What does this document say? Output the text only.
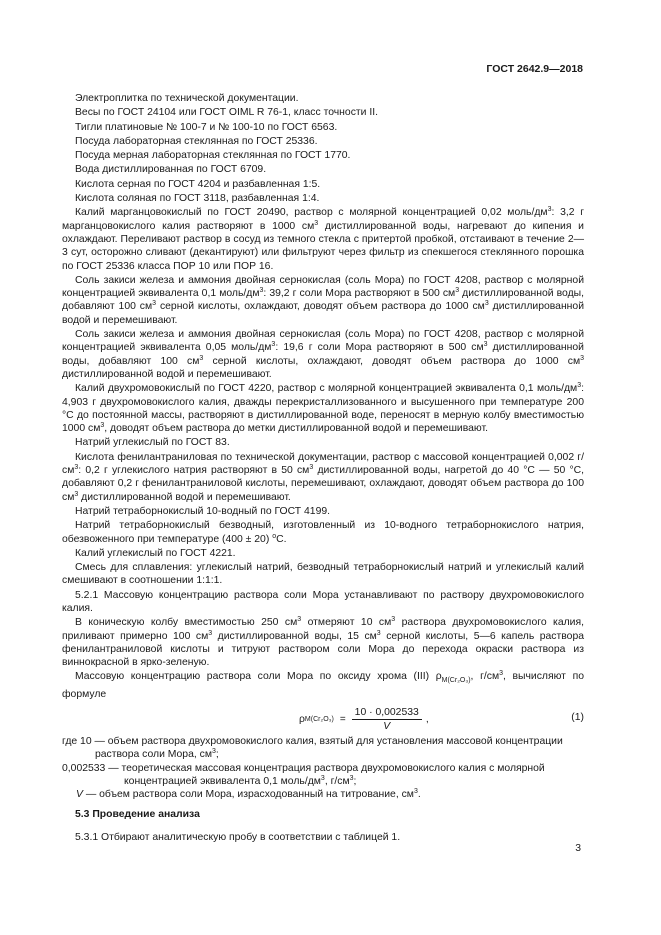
ГОСТ 2642.9—2018

Электроплитка по технической документации.

Весы по ГОСТ 24104 или ГОСТ OIML R 76-1, класс точности II.

Тигли платиновые № 100-7 и № 100-10 по ГОСТ 6563.

Посуда лабораторная стеклянная по ГОСТ 25336.

Посуда мерная лабораторная стеклянная по ГОСТ 1770.

Вода дистиллированная по ГОСТ 6709.

Кислота серная по ГОСТ 4204 и разбавленная 1:5.

Кислота соляная по ГОСТ 3118, разбавленная 1:4.

Калий марганцовокислый по ГОСТ 20490, раствор с молярной концентрацией 0,02 моль/$дм^3$: 3,2 г марганцовокислого калия растворяют в 1000 $см^3$ дистиллированной воды, нагревают до кипения и охлаждают. Переливают раствор в сосуд из темного стекла с притертой пробкой, отстаивают в течение 2—3 сут, осторожно сливают (декантируют) или фильтруют через фильтр из спекшегося стеклянного порошка по ГОСТ 25336 класса ПОР 10 или ПОР 16.

Соль закиси железа и аммония двойная сернокислая (соль Мора) по ГОСТ 4208, раствор с молярной концентрацией эквивалента 0,1 моль/$дм^3$: 39,2 г соли Мора растворяют в 500 $см^3$ дистиллированной воды, добавляют 100 $см^3$ серной кислоты, охлаждают, доводят объем раствора до 1000 $см^3$ дистиллированной водой и перемешивают.

Соль закиси железа и аммония двойная сернокислая (соль Мора) по ГОСТ 4208, раствор с молярной концентрацией эквивалента 0,05 моль/$дм^3$: 19,6 г соли Мора растворяют в 500 $см^3$ дистиллированной воды, добавляют 100 $см^3$ серной кислоты, охлаждают, доводят объем раствора до 1000 $см^3$ дистиллированной водой и перемешивают.

Калий двухромовокислый по ГОСТ 4220, раствор с молярной концентрацией эквивалента 0,1 моль/$дм^3$: 4,903 г двухромовокислого калия, дважды перекристаллизованного и высушенного при температуре 200 °С до постоянной массы, растворяют в дистиллированной воде, переносят в мерную колбу вместимостью 1000 $см^3$, доводят объем раствора до метки дистиллированной водой и перемешивают.

Натрий углекислый по ГОСТ 83.

Кислота фенилантраниловая по технической документации, раствор с массовой концентрацией 0,002 $г/см^3$: 0,2 г углекислого натрия растворяют в 50 $см^3$ дистиллированной воды, нагретой до 40 °С — 50 °С, добавляют 0,2 г фенилантраниловой кислоты, перемешивают, охлаждают, доводят объем раствора до 100 $см^3$ дистиллированной водой и перемешивают.

Натрий тетраборнокислый 10-водный по ГОСТ 4199.

Натрий тетраборнокислый безводный, изготовленный из 10-водного тетраборнокислого натрия, обезвоженного при температуре (400 ± 20) $^о$С.

Калий углекислый по ГОСТ 4221.

Смесь для сплавления: углекислый натрий, безводный тетраборнокислый натрий и углекислый калий смешивают в соотношении 1:1:1.

5.2.1 Массовую концентрацию раствора соли Мора устанавливают по раствору двухромовокислого калия.

В коническую колбу вместимостью 250 $см^3$ отмеряют 10 $см^3$ раствора двухромовокислого калия, приливают примерно 100 $см^3$ дистиллированной воды, 15 $см^3$ серной кислоты, 5—6 капель раствора фенилантраниловой кислоты и титруют раствором соли Мора до перехода окраски раствора из виннокрасной в ярко-зеленую.

Массовую концентрацию раствора соли Мора по оксиду хрома (III) $\rho_{M(Cr_2O_3)}$, $г/см^3$, вычисляют по формуле

ρ $M(Cr_2O_3) = \frac{10 \cdot 0,002533}{V}$ ,	(1)
где 10 — объем раствора двухромовокислого калия, взятый для установления массовой концентрации
раствора соли Мора, $см^3$;
0,002533 — теоретическая массовая концентрация раствора двухромовокислого калия с молярной
концентрацией эквивалента 0,1 моль/$дм^3$, $г/см^3$;
V — объем раствора соли Мора, израсходованный на титрование, $см^3$.

5.3 Проведение анализа

5.3.1 Отбирают аналитическую пробу в соответствии с таблицей 1.

3
